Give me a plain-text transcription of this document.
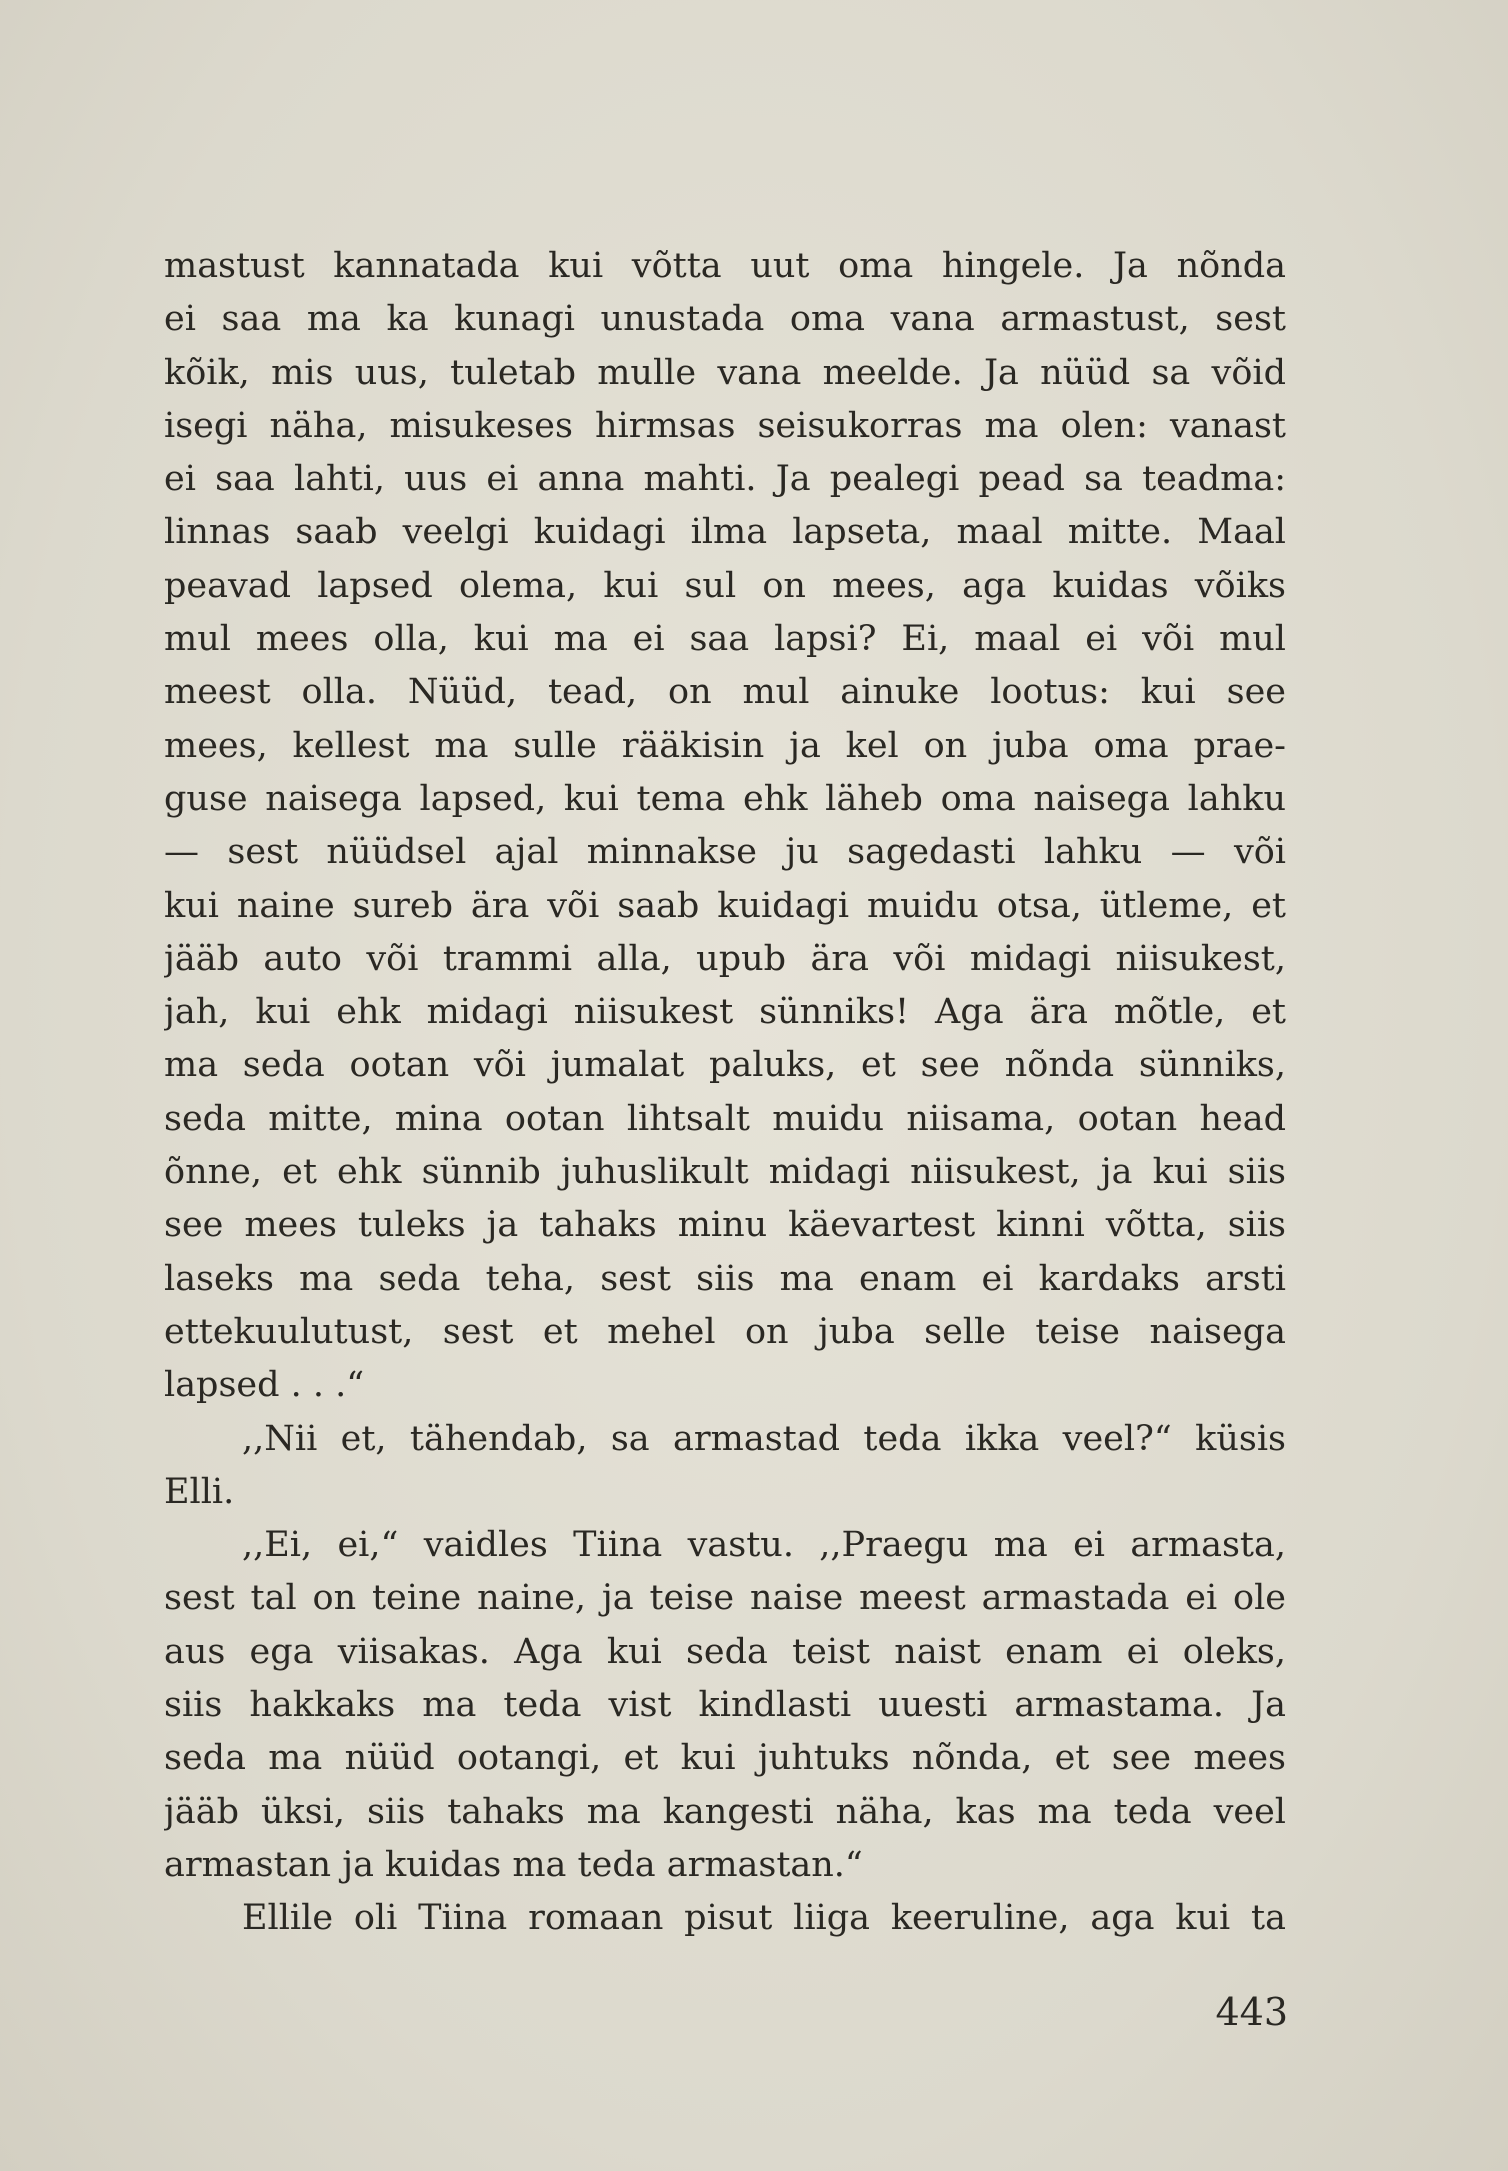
mastust kannatada kui võtta uut oma hingele. Ja nõnda
ei saa ma ka kunagi unustada oma vana armastust, sest
kõik, mis uus, tuletab mulle vana meelde. Ja nüüd sa võid
isegi näha, misukeses hirmsas seisukorras ma olen: vanast
ei saa lahti, uus ei anna mahti. Ja pealegi pead sa teadma:
linnas saab veelgi kuidagi ilma lapseta, maal mitte. Maal
peavad lapsed olema, kui sul on mees, aga kuidas võiks
mul mees olla, kui ma ei saa lapsi? Ei, maal ei või mul
meest olla. Nüüd, tead, on mul ainuke lootus: kui see
mees, kellest ma sulle rääkisin ja kel on juba oma prae-
guse naisega lapsed, kui tema ehk läheb oma naisega lahku
— sest nüüdsel ajal minnakse ju sagedasti lahku — või
kui naine sureb ära või saab kuidagi muidu otsa, ütleme, et
jääb auto või trammi alla, upub ära või midagi niisukest,
jah, kui ehk midagi niisukest sünniks! Aga ära mõtle, et
ma seda ootan või jumalat paluks, et see nõnda sünniks,
seda mitte, mina ootan lihtsalt muidu niisama, ootan head
õnne, et ehk sünnib juhuslikult midagi niisukest, ja kui siis
see mees tuleks ja tahaks minu käevartest kinni võtta, siis
laseks ma seda teha, sest siis ma enam ei kardaks arsti
ettekuulutust, sest et mehel on juba selle teise naisega
lapsed . . .“
,,Nii et, tähendab, sa armastad teda ikka veel?“ küsis
Elli.
,,Ei, ei,“ vaidles Tiina vastu. ,,Praegu ma ei armasta,
sest tal on teine naine, ja teise naise meest armastada ei ole
aus ega viisakas. Aga kui seda teist naist enam ei oleks,
siis hakkaks ma teda vist kindlasti uuesti armastama. Ja
seda ma nüüd ootangi, et kui juhtuks nõnda, et see mees
jääb üksi, siis tahaks ma kangesti näha, kas ma teda veel
armastan ja kuidas ma teda armastan.“
Ellile oli Tiina romaan pisut liiga keeruline, aga kui ta
443
